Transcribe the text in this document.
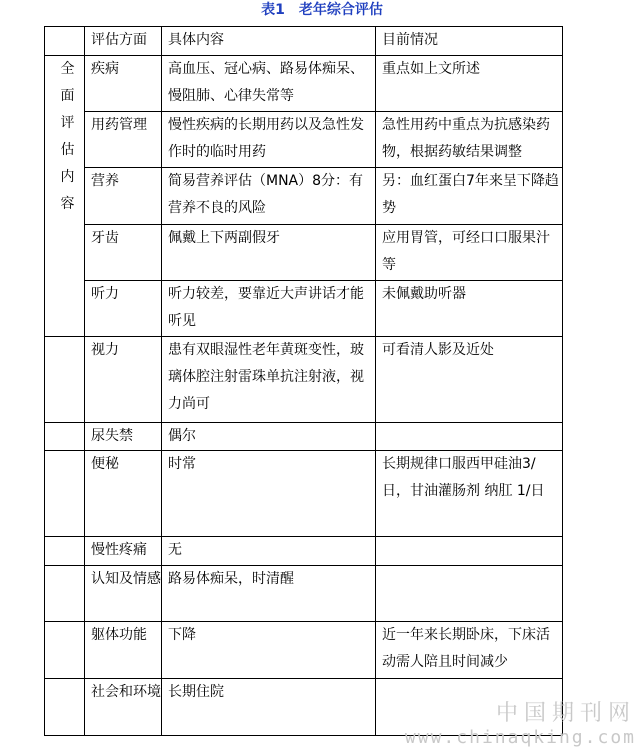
表1　老年综合评估
	评估方面	具体内容	目前情况
全面评估内容	疾病	高血压、冠心病、路易体痴呆、慢阻肺、心律失常等	重点如上文所述
	用药管理	慢性疾病的长期用药以及急性发作时的临时用药	急性用药中重点为抗感染药物，根据药敏结果调整
	营养	简易营养评估（MNA）8分：有营养不良的风险	另：血红蛋白7年来呈下降趋势
	牙齿	佩戴上下两副假牙	应用胃管，可经口口服果汁等
	听力	听力较差，要靠近大声讲话才能听见	未佩戴助听器
	视力	患有双眼湿性老年黄斑变性，玻璃体腔注射雷珠单抗注射液，视力尚可	可看清人影及近处
	尿失禁	偶尔	
	便秘	时常	长期规律口服西甲硅油3/日，甘油灌肠剂 纳肛 1/日
	慢性疼痛	无	
	认知及情感	路易体痴呆，时清醒	
	躯体功能	下降	近一年来长期卧床，下床活动需人陪且时间减少
	社会和环境	长期住院	
中国期刊网
www.chinaqking.com
